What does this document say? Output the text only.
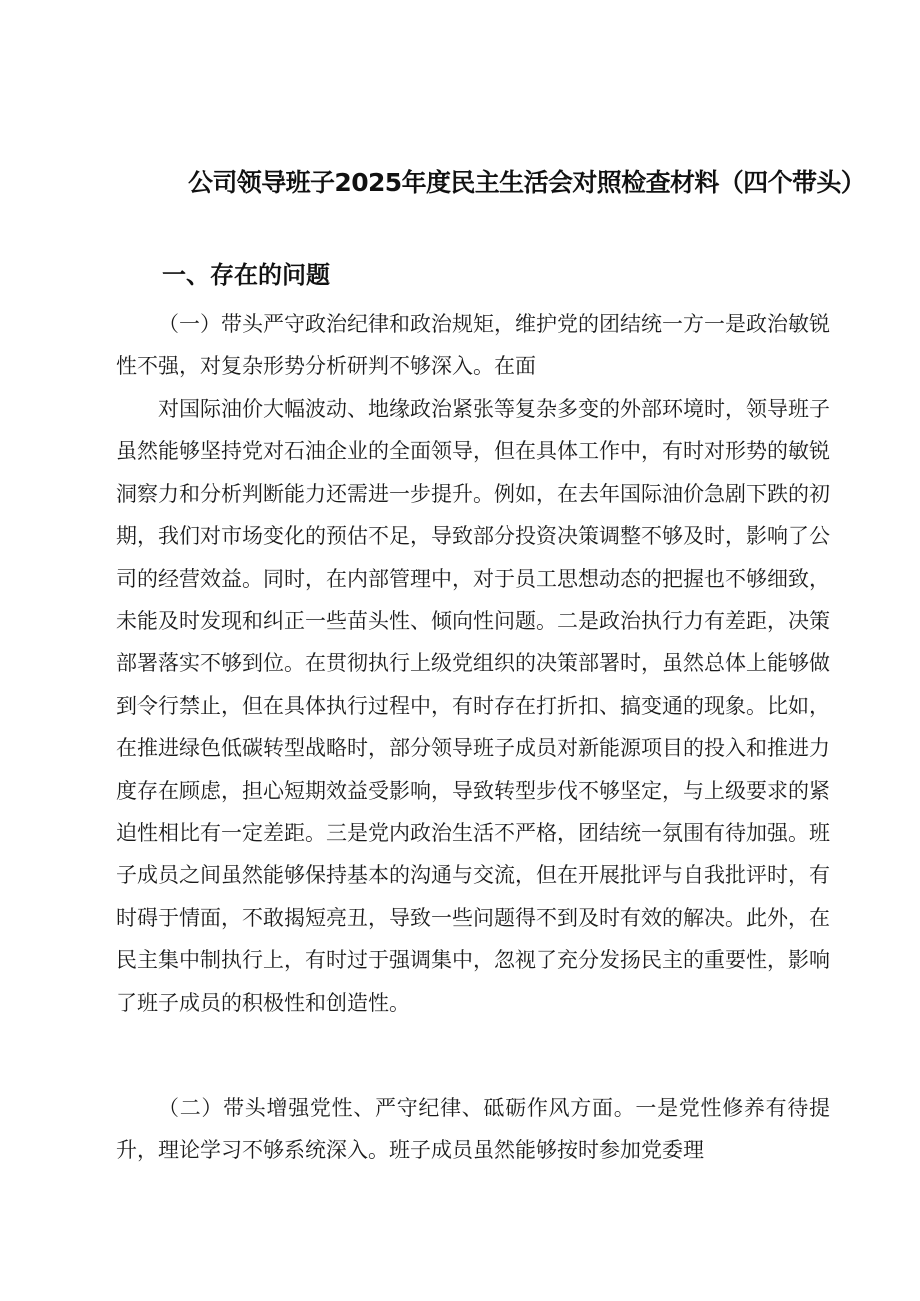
公司领导班子2025年度民主生活会对照检查材料（四个带头）
一、存在的问题

（一）带头严守政治纪律和政治规矩，维护党的团结统一方一是政治敏锐性不强，对复杂形势分析研判不够深入。在面

对国际油价大幅波动、地缘政治紧张等复杂多变的外部环境时，领导班子虽然能够坚持党对石油企业的全面领导，但在具体工作中，有时对形势的敏锐洞察力和分析判断能力还需进一步提升。例如，在去年国际油价急剧下跌的初期，我们对市场变化的预估不足，导致部分投资决策调整不够及时，影响了公司的经营效益。同时，在内部管理中，对于员工思想动态的把握也不够细致，未能及时发现和纠正一些苗头性、倾向性问题。二是政治执行力有差距，决策部署落实不够到位。在贯彻执行上级党组织的决策部署时，虽然总体上能够做到令行禁止，但在具体执行过程中，有时存在打折扣、搞变通的现象。比如，在推进绿色低碳转型战略时，部分领导班子成员对新能源项目的投入和推进力度存在顾虑，担心短期效益受影响，导致转型步伐不够坚定，与上级要求的紧迫性相比有一定差距。三是党内政治生活不严格，团结统一氛围有待加强。班子成员之间虽然能够保持基本的沟通与交流，但在开展批评与自我批评时，有时碍于情面，不敢揭短亮丑，导致一些问题得不到及时有效的解决。此外，在民主集中制执行上，有时过于强调集中，忽视了充分发扬民主的重要性，影响了班子成员的积极性和创造性。

（二）带头增强党性、严守纪律、砥砺作风方面。一是党性修养有待提升，理论学习不够系统深入。班子成员虽然能够按时参加党委理
